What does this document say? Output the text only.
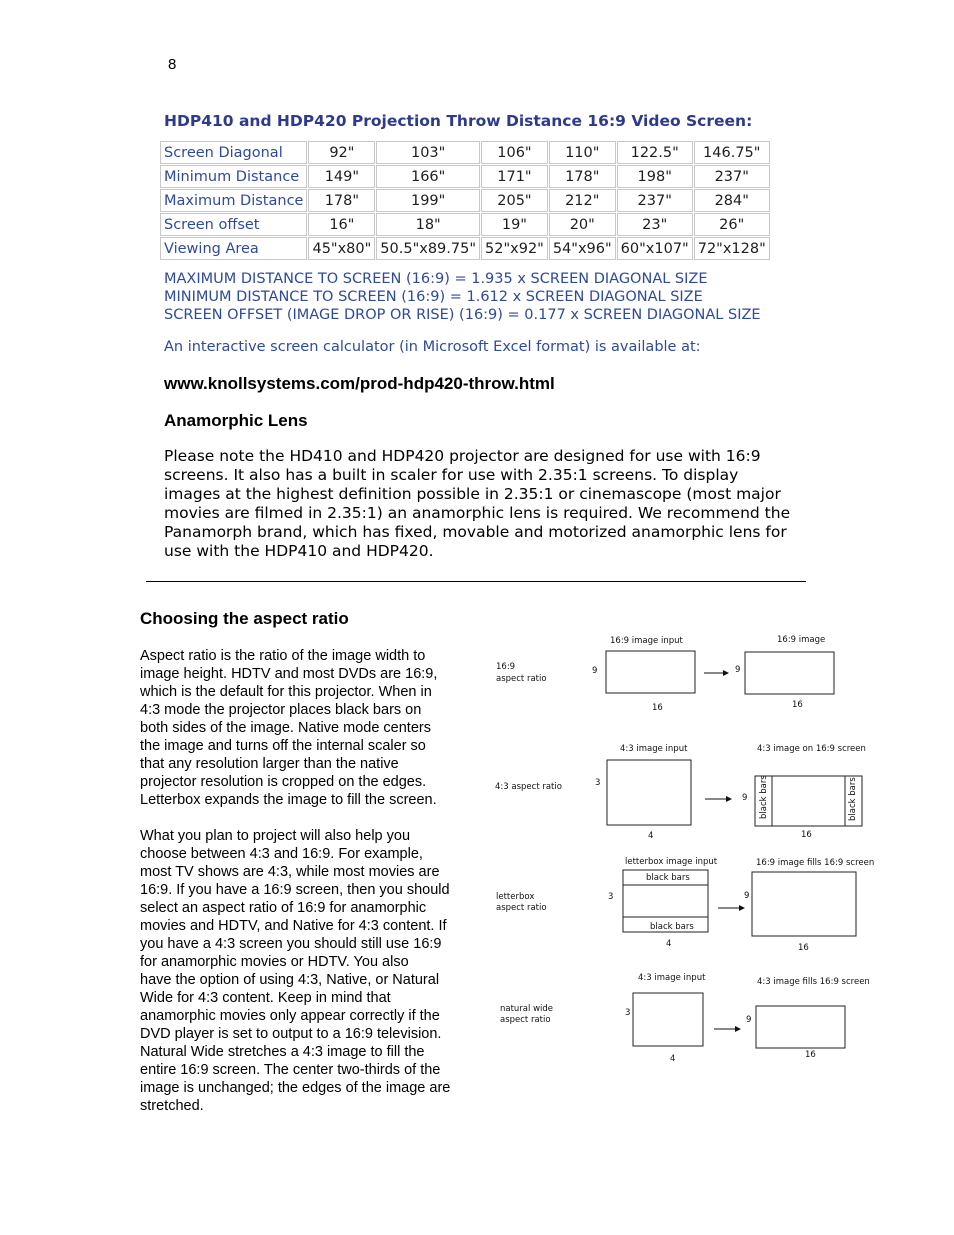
8
HDP410 and HDP420 Projection Throw Distance 16:9 Video Screen:
Screen Diagonal	92"	103"	106"	110"	122.5"	146.75"
Minimum Distance	149"	166"	171"	178"	198"	237"
Maximum Distance	178"	199"	205"	212"	237"	284"
Screen offset	16"	18"	19"	20"	23"	26"
Viewing Area	45"x80"	50.5"x89.75"	52"x92"	54"x96"	60"x107"	72"x128"
MAXIMUM DISTANCE TO SCREEN (16:9) = 1.935 x SCREEN DIAGONAL SIZE
MINIMUM DISTANCE TO SCREEN (16:9) = 1.612 x SCREEN DIAGONAL SIZE
SCREEN OFFSET (IMAGE DROP OR RISE) (16:9) = 0.177 x SCREEN DIAGONAL SIZE
An interactive screen calculator (in Microsoft Excel format) is available at:
www.knollsystems.com/prod-hdp420-throw.html
Anamorphic Lens
Please note the HD410 and HDP420 projector are designed for use with 16:9
screens. It also has a built in scaler for use with 2.35:1 screens. To display
images at the highest definition possible in 2.35:1 or cinemascope (most major
movies are filmed in 2.35:1) an anamorphic lens is required. We recommend the
Panamorph brand, which has fixed, movable and motorized anamorphic lens for
use with the HDP410 and HDP420.
Choosing the aspect ratio

Aspect ratio is the ratio of the image width to
image height. HDTV and most DVDs are 16:9,
which is the default for this projector. When in
4:3 mode the projector places black bars on
both sides of the image. Native mode centers
the image and turns off the internal scaler so
that any resolution larger than the native
projector resolution is cropped on the edges.
Letterbox expands the image to fill the screen.

What you plan to project will also help you
choose between 4:3 and 16:9. For example,
most TV shows are 4:3, while most movies are
16:9. If you have a 16:9 screen, then you should
select an aspect ratio of 16:9 for anamorphic
movies and HDTV, and Native for 4:3 content. If
you have a 4:3 screen you should still use 16:9
for anamorphic movies or HDTV. You also
have the option of using 4:3, Native, or Natural
Wide for 4:3 content. Keep in mind that
anamorphic movies only appear correctly if the
DVD player is set to output to a 16:9 television.
Natural Wide stretches a 4:3 image to fill the
entire 16:9 screen. The center two-thirds of the
image is unchanged; the edges of the image are
stretched.

16:9
aspect ratio
16:9 image input	16:9 image
9
16
9
16
4:3 aspect ratio
4:3 image input	4:3 image on 16:9 screen
3
4
black bars	black bars
9
16
letterbox
aspect ratio
letterbox image input	16:9 image fills 16:9 screen
black bars
black bars
3
4
9
16
natural wide
aspect ratio
4:3 image input	4:3 image fills 16:9 screen
3
4
9
16
